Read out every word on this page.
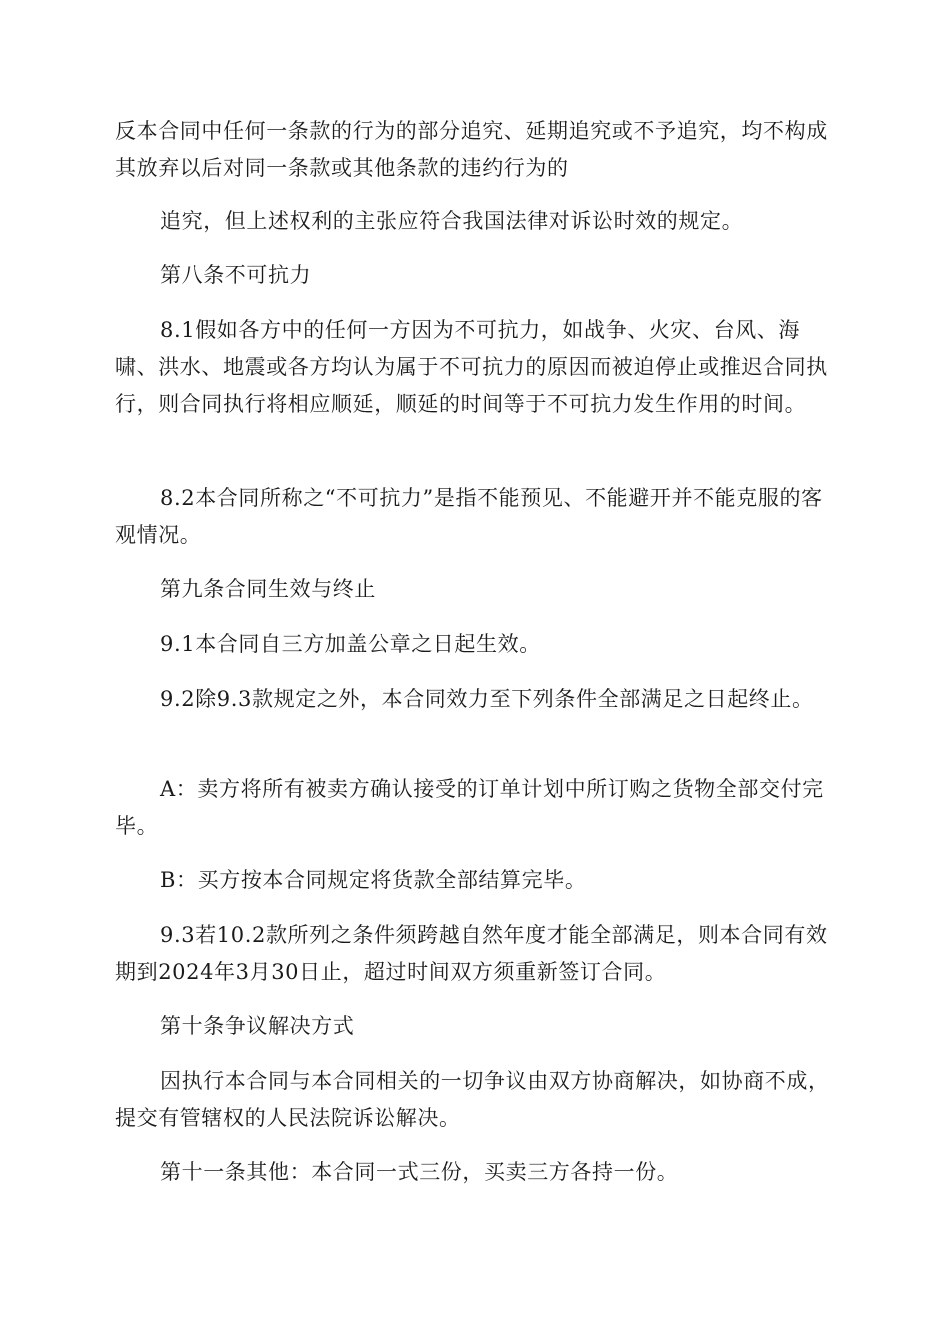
反本合同中任何一条款的行为的部分追究、延期追究或不予追究，均不构成其放弃以后对同一条款或其他条款的违约行为的

追究，但上述权利的主张应符合我国法律对诉讼时效的规定。

第八条不可抗力

8.1假如各方中的任何一方因为不可抗力，如战争、火灾、台风、海啸、洪水、地震或各方均认为属于不可抗力的原因而被迫停止或推迟合同执行，则合同执行将相应顺延，顺延的时间等于不可抗力发生作用的时间。

8.2本合同所称之“不可抗力”是指不能预见、不能避开并不能克服的客观情况。

第九条合同生效与终止

9.1本合同自三方加盖公章之日起生效。

9.2除9.3款规定之外，本合同效力至下列条件全部满足之日起终止。

A：卖方将所有被卖方确认接受的订单计划中所订购之货物全部交付完毕。

B：买方按本合同规定将货款全部结算完毕。

9.3若10.2款所列之条件须跨越自然年度才能全部满足，则本合同有效期到2024年3月30日止，超过时间双方须重新签订合同。

第十条争议解决方式

因执行本合同与本合同相关的一切争议由双方协商解决，如协商不成，提交有管辖权的人民法院诉讼解决。

第十一条其他：本合同一式三份，买卖三方各持一份。
